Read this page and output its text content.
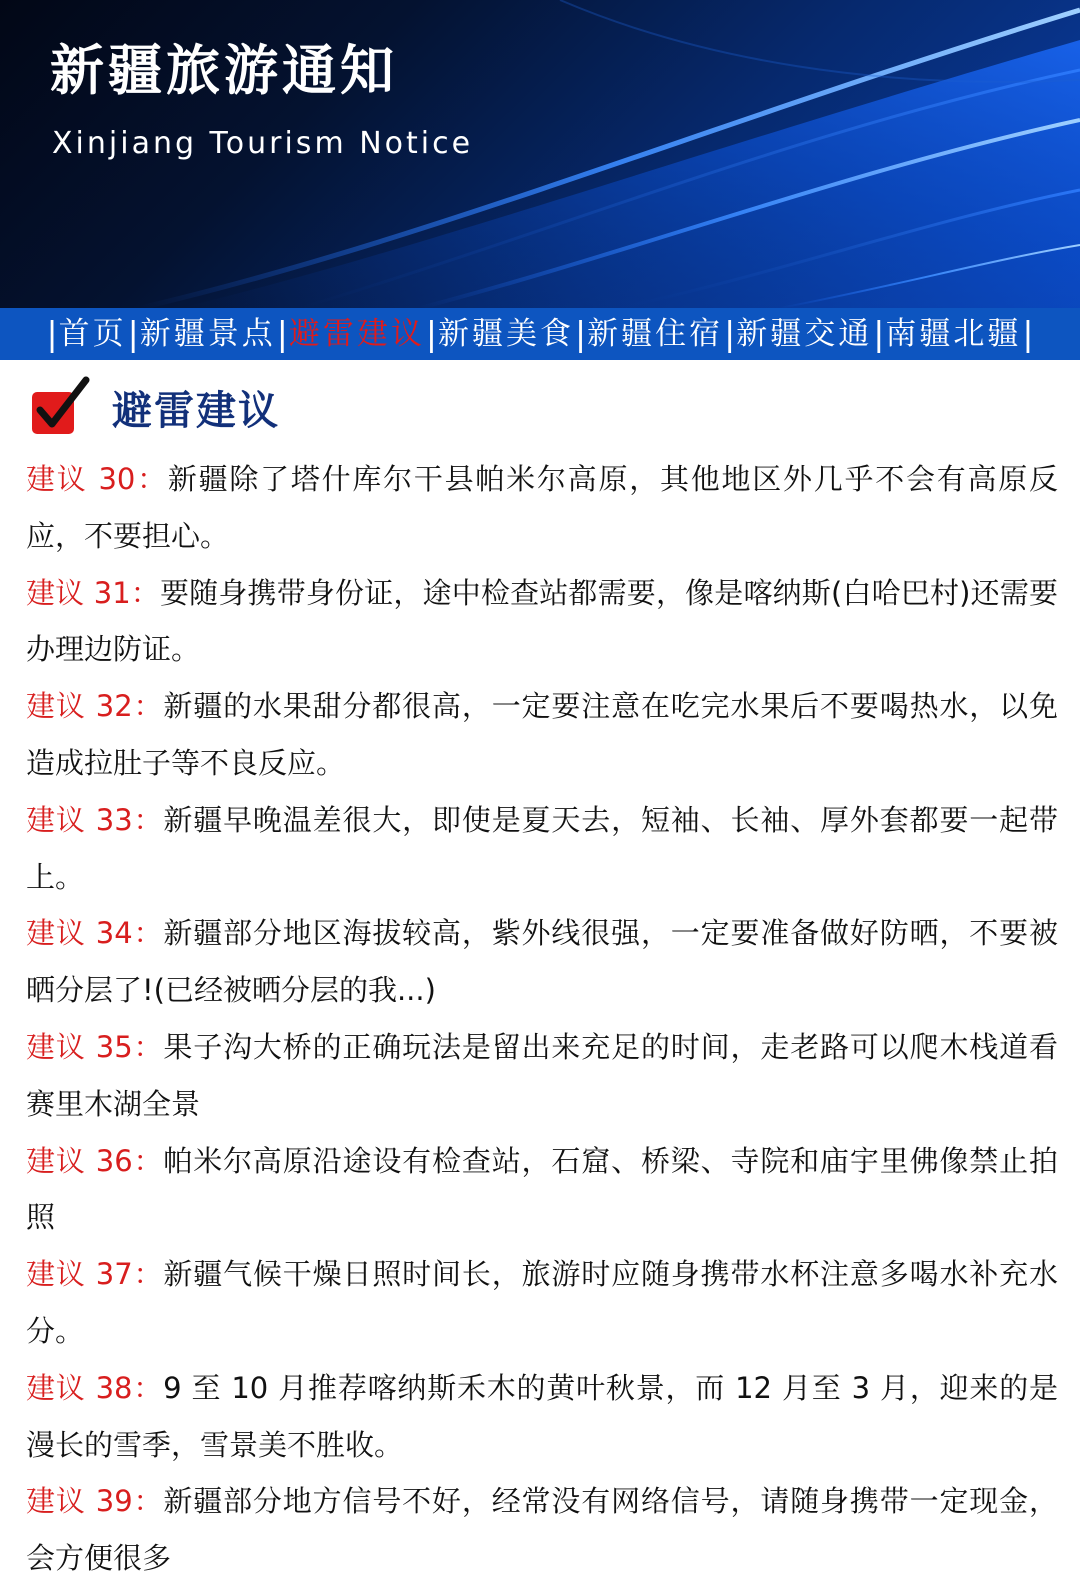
新疆旅游通知
Xinjiang Tourism Notice
| 首页 | 新疆景点 | 避雷建议 | 新疆美食 | 新疆住宿 | 新疆交通 | 南疆北疆 |
避雷建议

建议 30：新疆除了塔什库尔干县帕米尔高原，其他地区外几乎不会有高原反应，不要担心。

建议 31：要随身携带身份证，途中检查站都需要，像是喀纳斯(白哈巴村)还需要办理边防证。

建议 32：新疆的水果甜分都很高，一定要注意在吃完水果后不要喝热水，以免造成拉肚子等不良反应。

建议 33：新疆早晚温差很大，即使是夏天去，短袖、长袖、厚外套都要一起带上。

建议 34：新疆部分地区海拔较高，紫外线很强，一定要准备做好防晒，不要被晒分层了!(已经被晒分层的我...)

建议 35：果子沟大桥的正确玩法是留出来充足的时间，走老路可以爬木栈道看赛里木湖全景

建议 36：帕米尔高原沿途设有检查站，石窟、桥梁、寺院和庙宇里佛像禁止拍照

建议 37：新疆气候干燥日照时间长，旅游时应随身携带水杯注意多喝水补充水分。

建议 38：9 至 10 月推荐喀纳斯禾木的黄叶秋景，而 12 月至 3 月，迎来的是漫长的雪季，雪景美不胜收。

建议 39：新疆部分地方信号不好，经常没有网络信号，请随身携带一定现金，会方便很多
